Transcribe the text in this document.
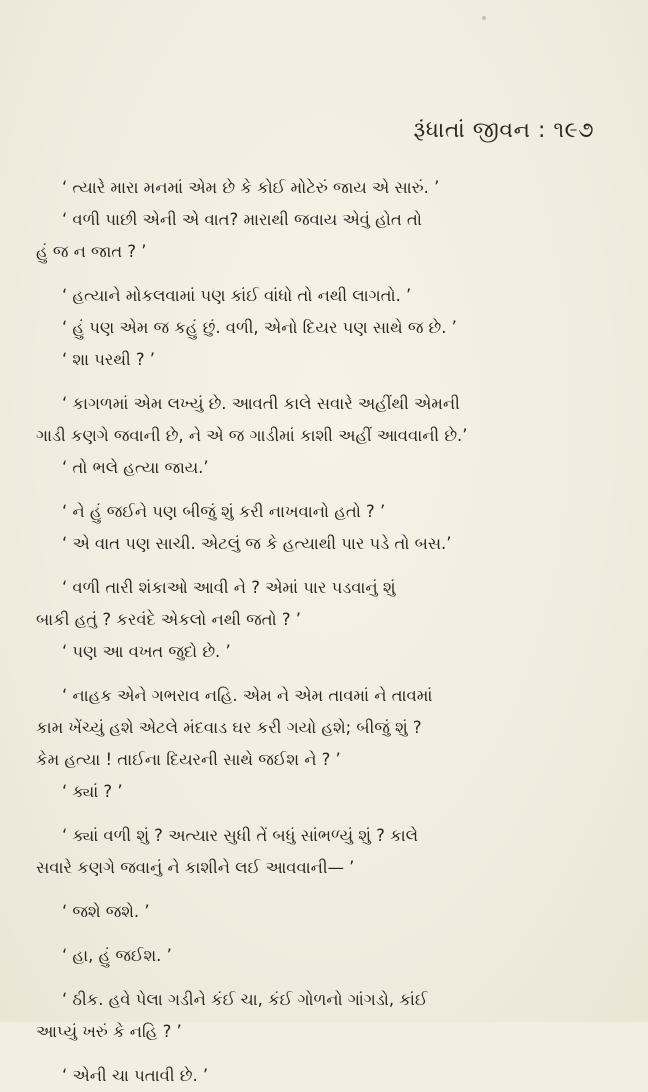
રૂંધાતાં જીવન : ૧૯૭
‘ ત્યારે મારા મનમાં એમ છે કે કોઈ મોટેરું જાય એ સારું. ’
‘ વળી પાછી એની એ વાત? મારાથી જવાય એવું હોત તો
હું જ ન જાત ? ’
‘ હત્યાને મોકલવામાં પણ કાંઈ વાંધો તો નથી લાગતો. ’
‘ હું પણ એમ જ કહું છું. વળી, એનો દિયર પણ સાથે જ છે. ’
‘ શા પરથી ? ’
‘ કાગળમાં એમ લખ્યું છે. આવતી કાલે સવારે અહીંથી એમની
ગાડી કણગે જવાની છે, ને એ જ ગાડીમાં કાશી અહીં આવવાની છે.’
‘ તો ભલે હત્યા જાય.’
‘ ને હું જઈને પણ બીજું શું કરી નાખવાનો હતો ? ’
‘ એ વાત પણ સાચી. એટલું જ કે હત્યાથી પાર પડે તો બસ.’
‘ વળી તારી શંકાઓ આવી ને ? એમાં પાર પડવાનું શું
બાકી હતું ? કરવંદે એકલો નથી જતો ? ’
‘ પણ આ વખત જુદો છે. ’
‘ નાહક એને ગભરાવ નહિ. એમ ને એમ તાવમાં ને તાવમાં
કામ ખેંચ્યું હશે એટલે મંદવાડ ઘર કરી ગયો હશે; બીજું શું ?
કેમ હત્યા ! તાઈના દિયરની સાથે જઈશ ને ? ’
‘ ક્યાં ? ’
‘ ક્યાં વળી શું ? અત્યાર સુધી તેં બધું સાંભળ્યું શું ? કાલે
સવારે કણગે જવાનું ને કાશીને લઈ આવવાની— ’
‘ જશે જશે. ’
‘ હા, હું જઈશ. ’
‘ ઠીક. હવે પેલા ગડીને કંઈ ચા, કંઈ ગોળનો ગાંગડો, કાંઈ
આપ્યું ખરું કે નહિ ? ’
‘ એની ચા પતાવી છે. ’
